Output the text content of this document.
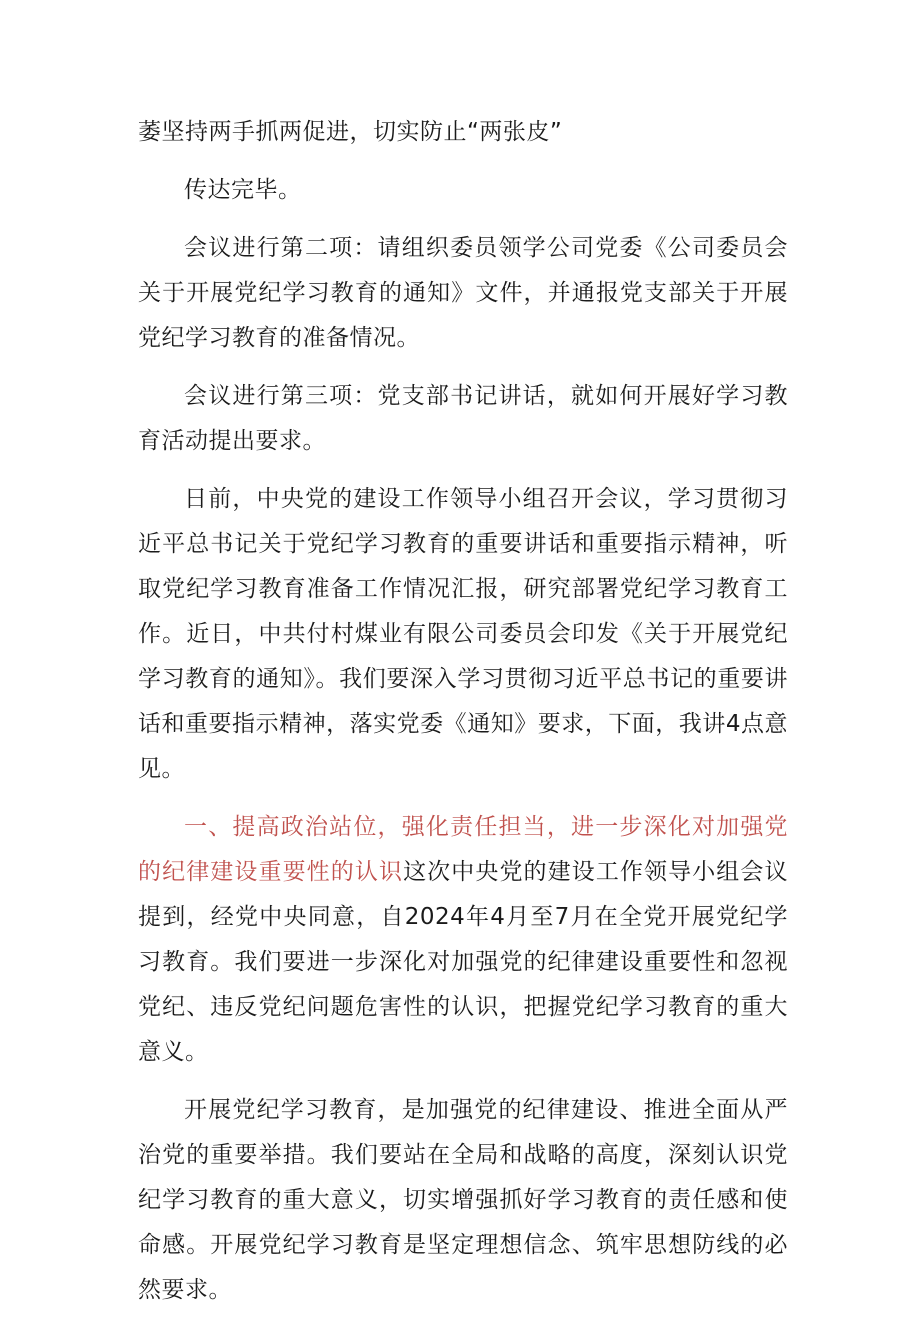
萎坚持两手抓两促进，切实防止“两张皮”

传达完毕。

会议进行第二项：请组织委员领学公司党委《公司委员会关于开展党纪学习教育的通知》文件，并通报党支部关于开展党纪学习教育的准备情况。

会议进行第三项：党支部书记讲话，就如何开展好学习教育活动提出要求。

日前，中央党的建设工作领导小组召开会议，学习贯彻习近平总书记关于党纪学习教育的重要讲话和重要指示精神，听取党纪学习教育准备工作情况汇报，研究部署党纪学习教育工作。近日，中共付村煤业有限公司委员会印发《关于开展党纪学习教育的通知》。我们要深入学习贯彻习近平总书记的重要讲话和重要指示精神，落实党委《通知》要求，下面，我讲4点意见。

一、提高政治站位，强化责任担当，进一步深化对加强党的纪律建设重要性的认识这次中央党的建设工作领导小组会议提到，经党中央同意，自2024年4月至7月在全党开展党纪学习教育。我们要进一步深化对加强党的纪律建设重要性和忽视党纪、违反党纪问题危害性的认识，把握党纪学习教育的重大意义。

开展党纪学习教育，是加强党的纪律建设、推进全面从严治党的重要举措。我们要站在全局和战略的高度，深刻认识党纪学习教育的重大意义，切实增强抓好学习教育的责任感和使命感。开展党纪学习教育是坚定理想信念、筑牢思想防线的必然要求。
